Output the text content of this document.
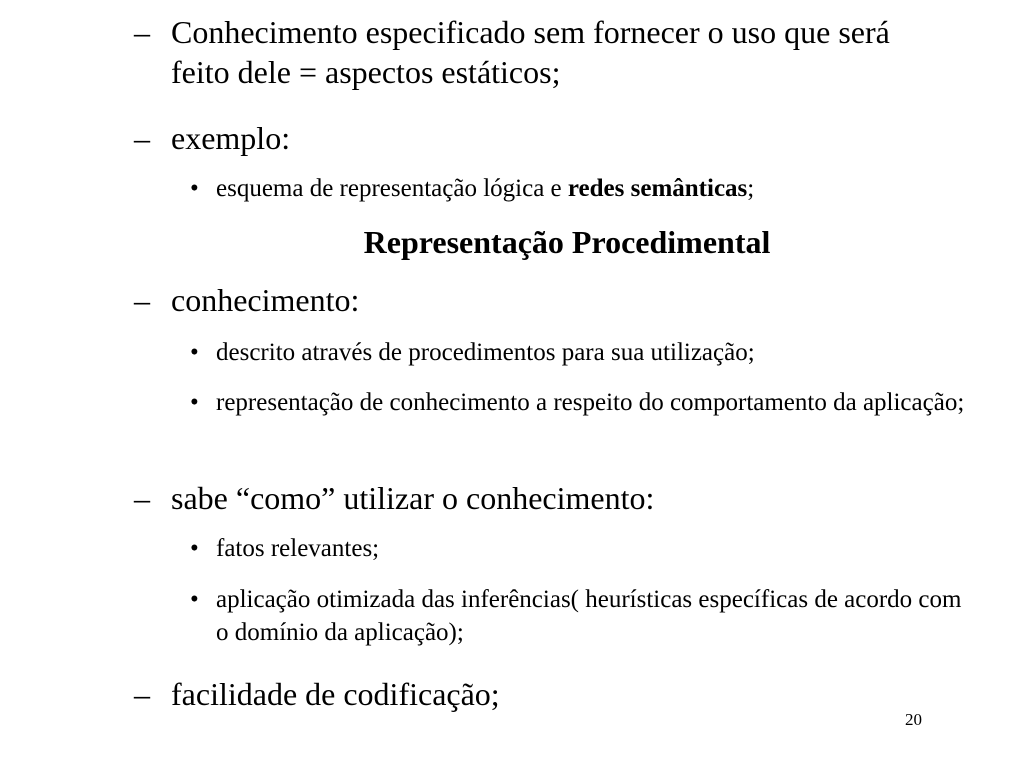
– Conhecimento especificado sem fornecer o uso que será feito dele = aspectos estáticos;

– exemplo:

• esquema de representação lógica e redes semânticas;

Representação Procedimental

– conhecimento:

• descrito através de procedimentos para sua utilização;

• representação de conhecimento a respeito do comportamento da aplicação;

– sabe “como” utilizar o conhecimento:

• fatos relevantes;

• aplicação otimizada das inferências( heurísticas específicas de acordo com o domínio da aplicação);

– facilidade de codificação;

20
